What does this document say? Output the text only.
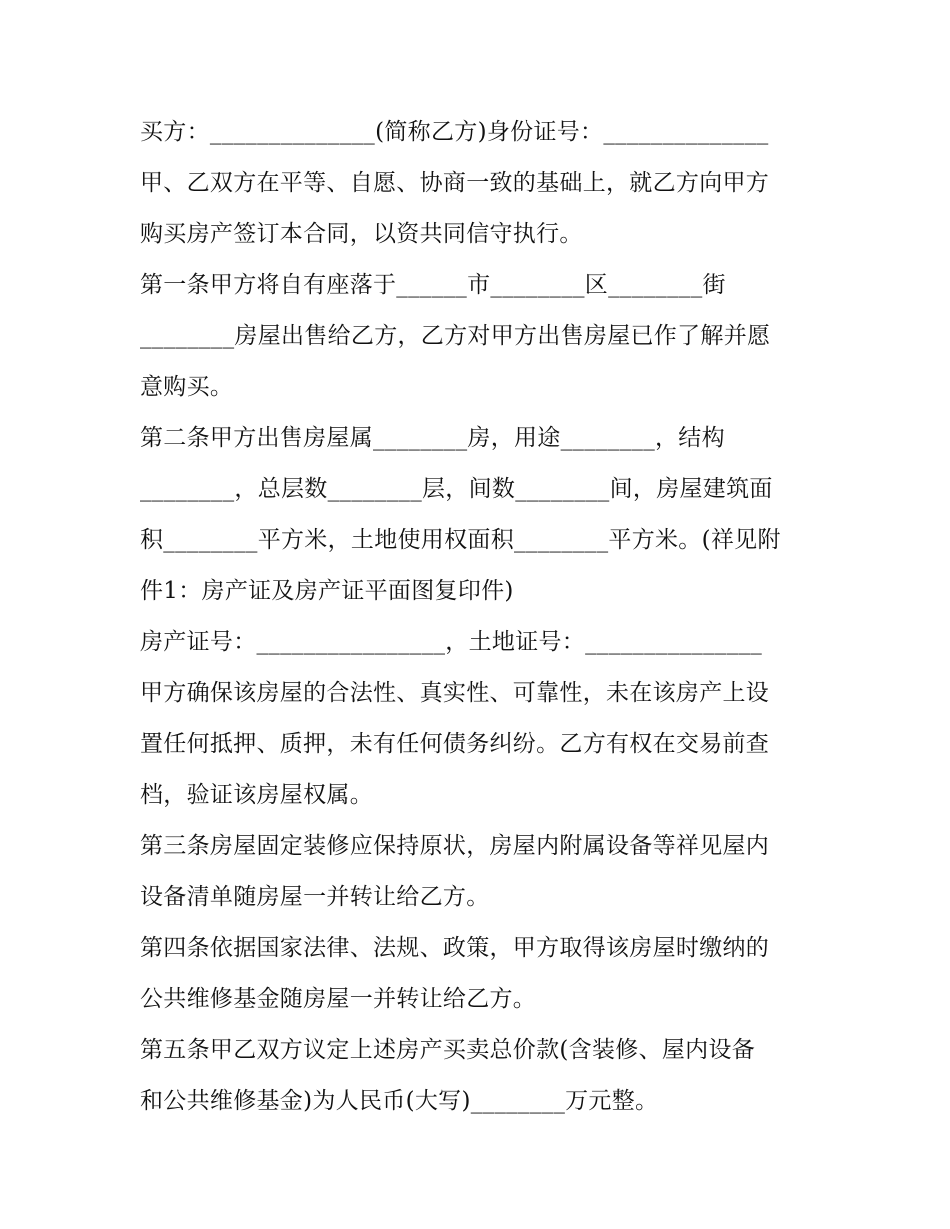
买方：______________(简称乙方)身份证号：______________
甲、乙双方在平等、自愿、协商一致的基础上，就乙方向甲方
购买房产签订本合同，以资共同信守执行。
第一条甲方将自有座落于______市________区________街
________房屋出售给乙方，乙方对甲方出售房屋已作了解并愿
意购买。
第二条甲方出售房屋属________房，用途________，结构
________，总层数________层，间数________间，房屋建筑面
积________平方米，土地使用权面积________平方米。(祥见附
件1：房产证及房产证平面图复印件)
房产证号：________________，土地证号：_______________
甲方确保该房屋的合法性、真实性、可靠性，未在该房产上设
置任何抵押、质押，未有任何债务纠纷。乙方有权在交易前查
档，验证该房屋权属。
第三条房屋固定装修应保持原状，房屋内附属设备等祥见屋内
设备清单随房屋一并转让给乙方。
第四条依据国家法律、法规、政策，甲方取得该房屋时缴纳的
公共维修基金随房屋一并转让给乙方。
第五条甲乙双方议定上述房产买卖总价款(含装修、屋内设备
和公共维修基金)为人民币(大写)________万元整。
